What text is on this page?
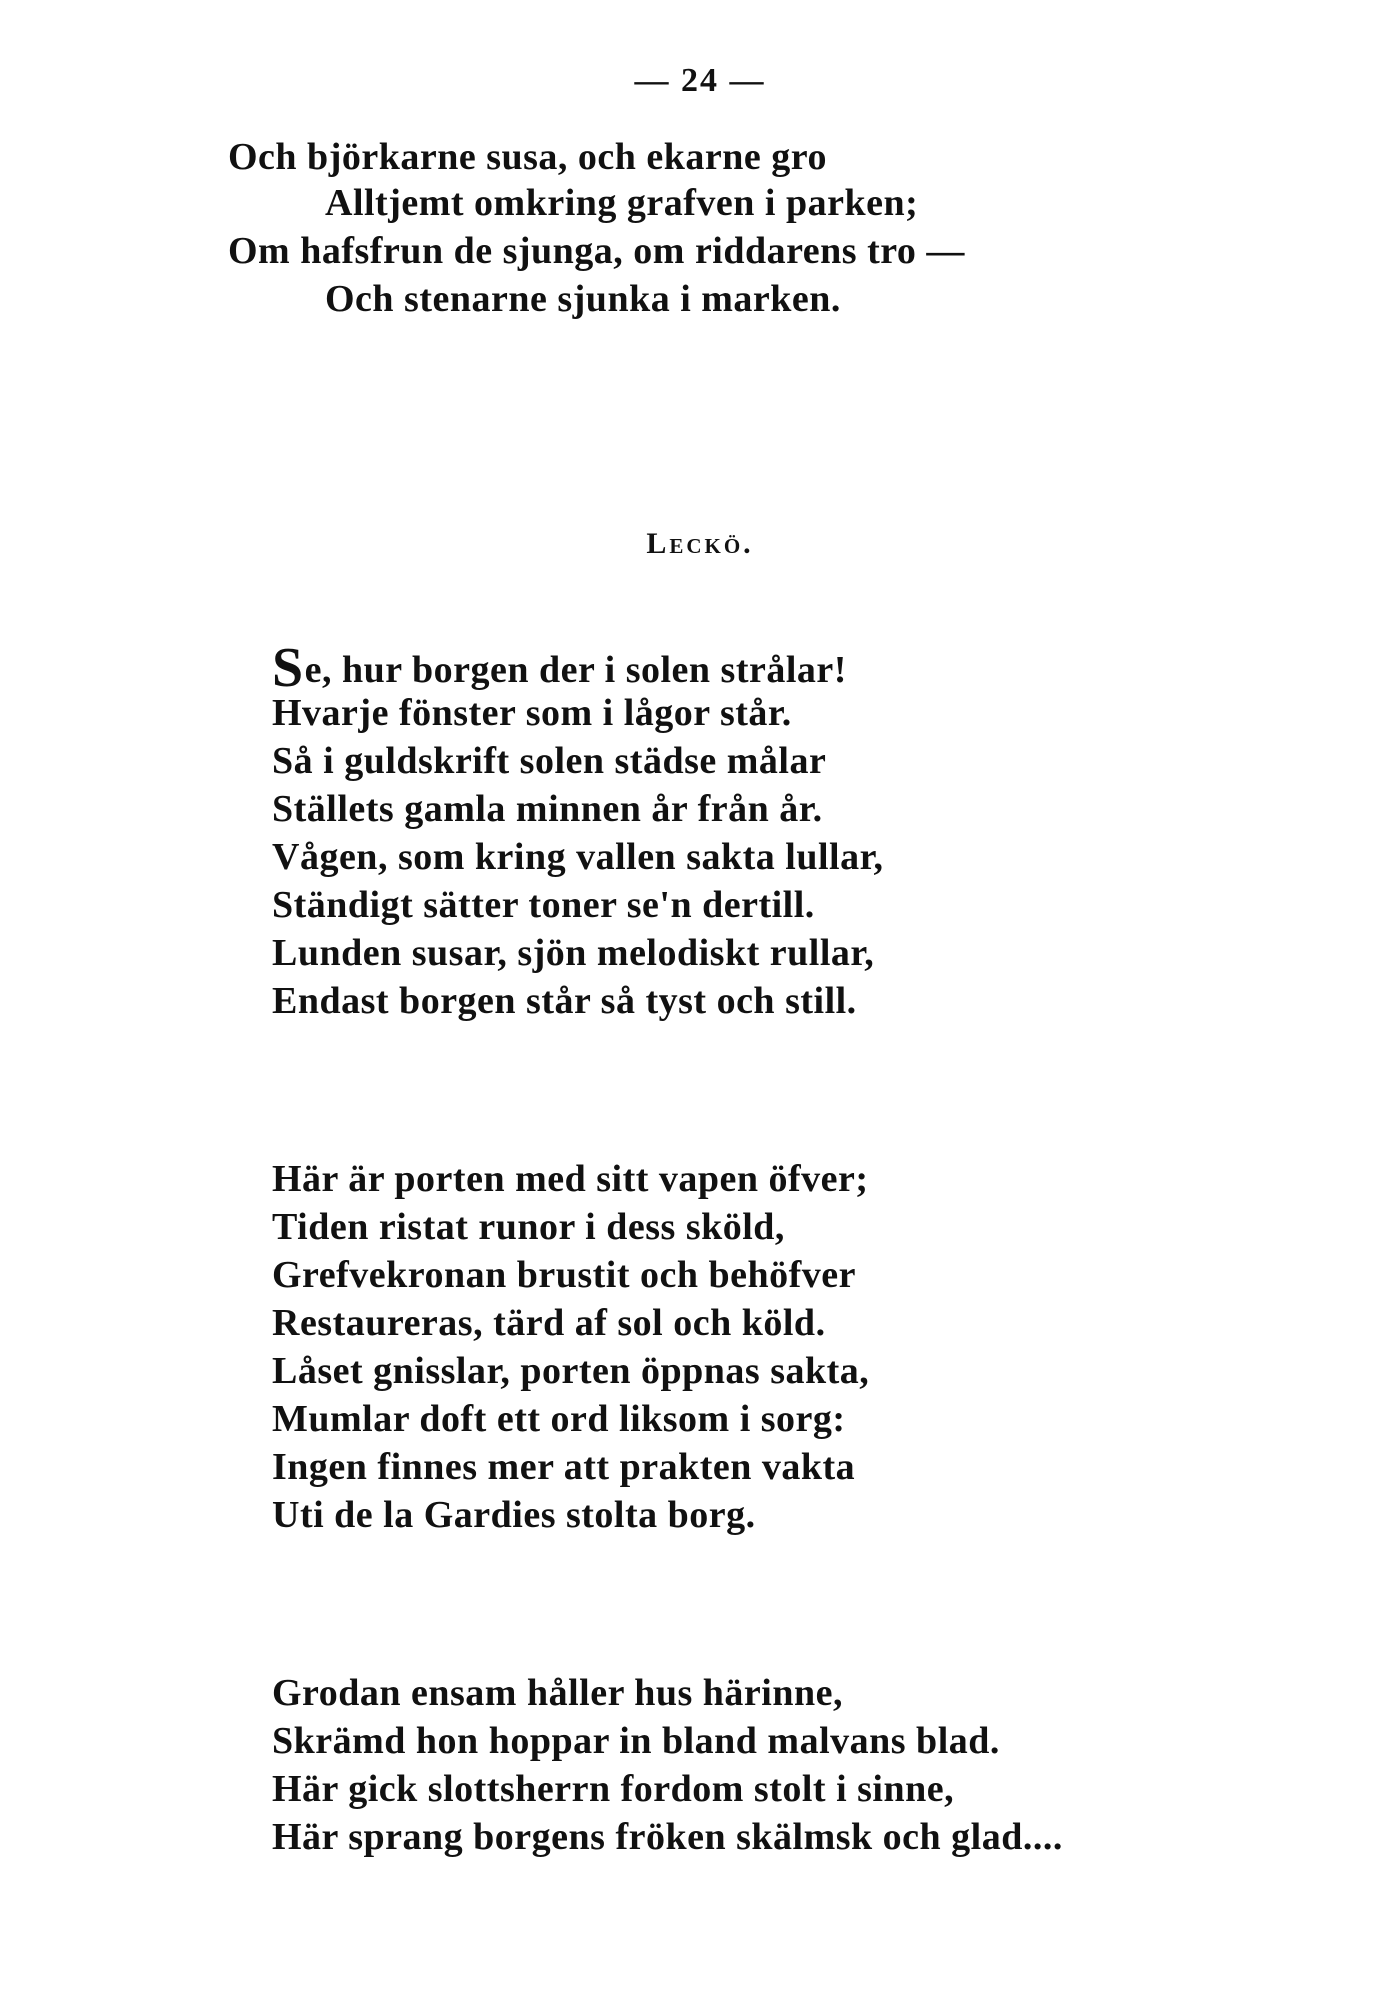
— 24 —
Och björkarne susa, och ekarne gro
Alltjemt omkring grafven i parken;
Om hafsfrun de sjunga, om riddarens tro —
Och stenarne sjunka i marken.
Leckö.
Se, hur borgen der i solen strålar!
Hvarje fönster som i lågor står.
Så i guldskrift solen städse målar
Ställets gamla minnen år från år.
Vågen, som kring vallen sakta lullar,
Ständigt sätter toner se'n dertill.
Lunden susar, sjön melodiskt rullar,
Endast borgen står så tyst och still.
Här är porten med sitt vapen öfver;
Tiden ristat runor i dess sköld,
Grefvekronan brustit och behöfver
Restaureras, tärd af sol och köld.
Låset gnisslar, porten öppnas sakta,
Mumlar doft ett ord liksom i sorg:
Ingen finnes mer att prakten vakta
Uti de la Gardies stolta borg.
Grodan ensam håller hus härinne,
Skrämd hon hoppar in bland malvans blad.
Här gick slottsherrn fordom stolt i sinne,
Här sprang borgens fröken skälmsk och glad....
